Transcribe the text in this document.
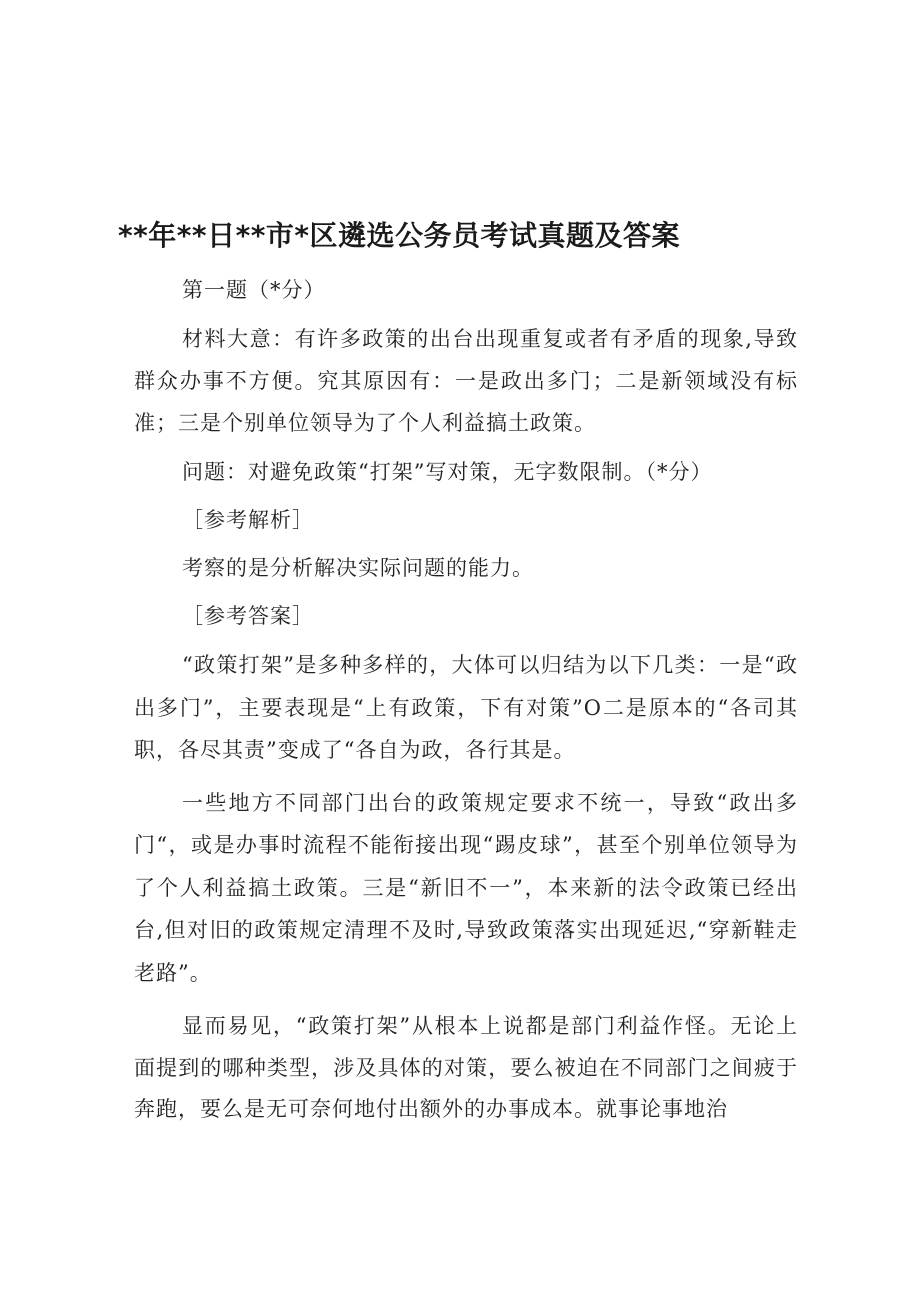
**年**日**市*区遴选公务员考试真题及答案

第一题（*分）

材料大意：有许多政策的出台出现重复或者有矛盾的现象,导致群众办事不方便。究其原因有：一是政出多门；二是新领域没有标准；三是个别单位领导为了个人利益搞土政策。

问题：对避免政策“打架”写对策，无字数限制。（*分）

［参考解析］

考察的是分析解决实际问题的能力。

［参考答案］

“政策打架”是多种多样的，大体可以归结为以下几类：一是“政出多门”，主要表现是“上有政策，下有对策”O二是原本的“各司其职，各尽其责”变成了“各自为政，各行其是。

一些地方不同部门出台的政策规定要求不统一，导致“政出多门“，或是办事时流程不能衔接出现“踢皮球”，甚至个别单位领导为了个人利益搞土政策。三是“新旧不一”，本来新的法令政策已经出台,但对旧的政策规定清理不及时,导致政策落实出现延迟,“穿新鞋走老路”。

显而易见，“政策打架”从根本上说都是部门利益作怪。无论上面提到的哪种类型，涉及具体的对策，要么被迫在不同部门之间疲于奔跑，要么是无可奈何地付出额外的办事成本。就事论事地治
